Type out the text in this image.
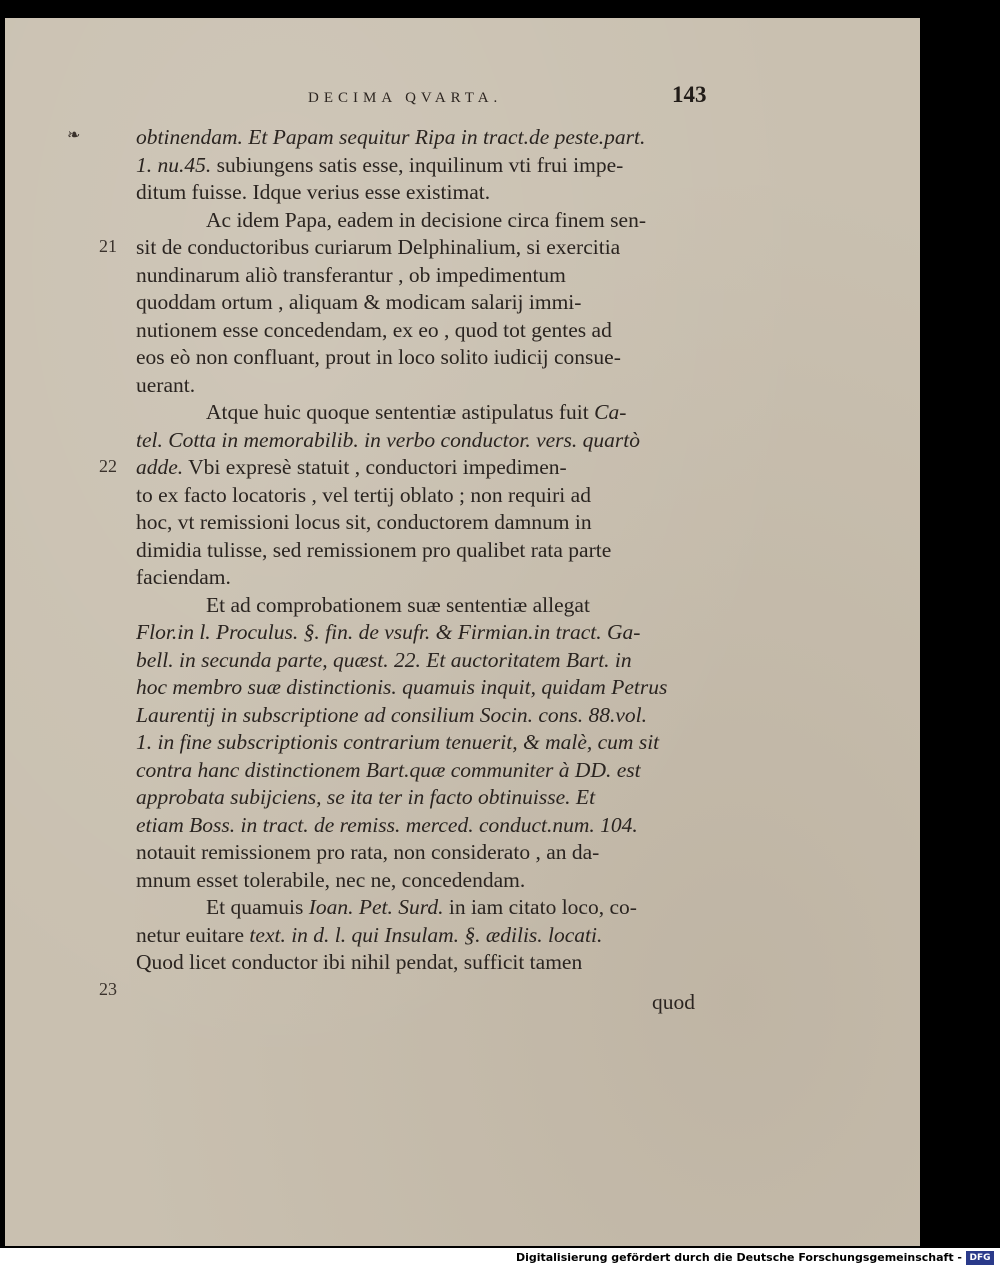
DECIMA QVARTA.	143
❧
21
22
23
obtinendam. Et Papam sequitur Ripa in tract.de peste.part.
1. nu.45. subiungens satis esse, inquilinum vti frui impe-
ditum fuisse. Idque verius esse existimat.
Ac idem Papa, eadem in decisione circa finem sen-
sit de conductoribus curiarum Delphinalium, si exercitia
nundinarum aliò transferantur , ob impedimentum
quoddam ortum , aliquam & modicam salarij immi-
nutionem esse concedendam, ex eo , quod tot gentes ad
eos eò non confluant, prout in loco solito iudicij consue-
uerant.
Atque huic quoque sententiæ astipulatus fuit Ca-
tel. Cotta in memorabilib. in verbo conductor. vers. quartò
adde. Vbi expresè statuit , conductori impedimen-
to ex facto locatoris , vel tertij oblato ; non requiri ad
hoc, vt remissioni locus sit, conductorem damnum in
dimidia tulisse, sed remissionem pro qualibet rata parte
faciendam.
Et ad comprobationem suæ sententiæ allegat
Flor.in l. Proculus. §. fin. de vsufr. & Firmian.in tract. Ga-
bell. in secunda parte, quæst. 22. Et auctoritatem Bart. in
hoc membro suæ distinctionis. quamuis inquit, quidam Petrus
Laurentij in subscriptione ad consilium Socin. cons. 88.vol.
1. in fine subscriptionis contrarium tenuerit, & malè, cum sit
contra hanc distinctionem Bart.quæ communiter à DD. est
approbata subijciens, se ita ter in facto obtinuisse. Et
etiam Boss. in tract. de remiss. merced. conduct.num. 104.
notauit remissionem pro rata, non considerato , an da-
mnum esset tolerabile, nec ne, concedendam.
Et quamuis Ioan. Pet. Surd. in iam citato loco, co-
netur euitare text. in d. l. qui Insulam. §. ædilis. locati.
Quod licet conductor ibi nihil pendat, sufficit tamen
quod
Digitalisierung gefördert durch die Deutsche Forschungsgemeinschaft - DFG
